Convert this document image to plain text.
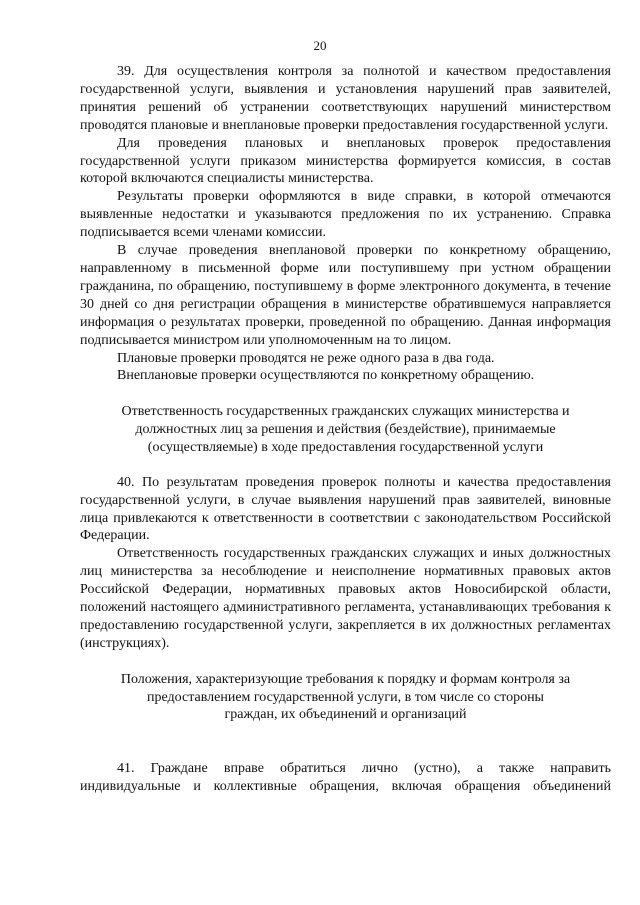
20

39. Для осуществления контроля за полнотой и качеством предоставления государственной услуги, выявления и установления нарушений прав заявителей, принятия решений об устранении соответствующих нарушений министерством проводятся плановые и внеплановые проверки предоставления государственной услуги.

Для проведения плановых и внеплановых проверок предоставления государственной услуги приказом министерства формируется комиссия, в состав которой включаются специалисты министерства.

Результаты проверки оформляются в виде справки, в которой отмечаются выявленные недостатки и указываются предложения по их устранению. Справка подписывается всеми членами комиссии.

В случае проведения внеплановой проверки по конкретному обращению, направленному в письменной форме или поступившему при устном обращении гражданина, по обращению, поступившему в форме электронного документа, в течение 30 дней со дня регистрации обращения в министерстве обратившемуся направляется информация о результатах проверки, проведенной по обращению. Данная информация подписывается министром или уполномоченным на то лицом.

Плановые проверки проводятся не реже одного раза в два года.

Внеплановые проверки осуществляются по конкретному обращению.

Ответственность государственных гражданских служащих министерства и должностных лиц за решения и действия (бездействие), принимаемые (осуществляемые) в ходе предоставления государственной услуги

40. По результатам проведения проверок полноты и качества предоставления государственной услуги, в случае выявления нарушений прав заявителей, виновные лица привлекаются к ответственности в соответствии с законодательством Российской Федерации.

Ответственность государственных гражданских служащих и иных должностных лиц министерства за несоблюдение и неисполнение нормативных правовых актов Российской Федерации, нормативных правовых актов Новосибирской области, положений настоящего административного регламента, устанавливающих требования к предоставлению государственной услуги, закрепляется в их должностных регламентах (инструкциях).

Положения, характеризующие требования к порядку и формам контроля за предоставлением государственной услуги, в том числе со стороны граждан, их объединений и организаций

41. Граждане вправе обратиться лично (устно), а также направить индивидуальные и коллективные обращения, включая обращения объединений
